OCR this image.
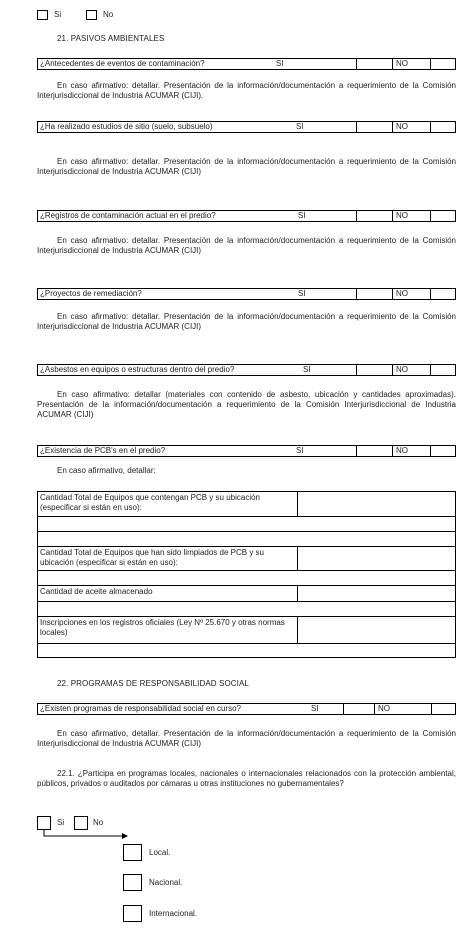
Si	No
21. PASIVOS AMBIENTALES
¿Antecedentes de eventos de contaminación?	SI	NO
En caso afirmativo: detallar. Presentación de la información/documentación a requerimiento de la Comisión Interjurisdiccional de Industria ACUMAR (CIJI).
¿Ha realizado estudios de sitio (suelo, subsuelo)	SI	NO
En caso afirmativo: detallar. Presentación de la información/documentación a requerimiento de la Comisión Interjurisdiccional de Industria ACUMAR (CIJI)
¿Registros de contaminación actual en el predio?	SI	NO
En caso afirmativo: detallar. Presentación de la información/documentación a requerimiento de la Comisión Interjurisdiccional de Industria ACUMAR (CIJI)
¿Proyectos de remediación?	SI	NO
En caso afirmativo: detallar. Presentación de la información/documentación a requerimiento de la Comisión Interjurisdiccional de Industria ACUMAR (CIJI)
¿Asbestos en equipos o estructuras dentro del predio?	SI	NO
En caso afirmativo: detallar (materiales con contenido de asbesto, ubicación y cantidades aproximadas). Presentación de la información/documentación a requerimiento de la Comisión Interjurisdiccional de Industria ACUMAR (CIJI)
¿Existencia de PCB's en el predio?	SI	NO
En caso afirmativo, detallar:
Cantidad Total de Equipos que contengan PCB y su ubicación (especificar si están en uso):	

Cantidad Total de Equipos que han sido limpiados de PCB y su ubicación (especificar si están en uso):	

Cantidad de aceite almacenado	

Inscripciones en los registros oficiales (Ley Nº 25.670 y otras normas locales)	

22. PROGRAMAS DE RESPONSABILIDAD SOCIAL
¿Existen programas de responsabilidad social en curso?	SI	NO
En caso afirmativo, detallar. Presentación de la información/documentación a requerimiento de la Comisión Interjurisdiccional de Industria ACUMAR (CIJI)
22.1. ¿Participa en programas locales, nacionales o internacionales relacionados con la protección ambiental, públicos, privados o auditados por cámaras u otras instituciones no gubernamentales?
Si	No
Local.
Nacional.
Internacional.
